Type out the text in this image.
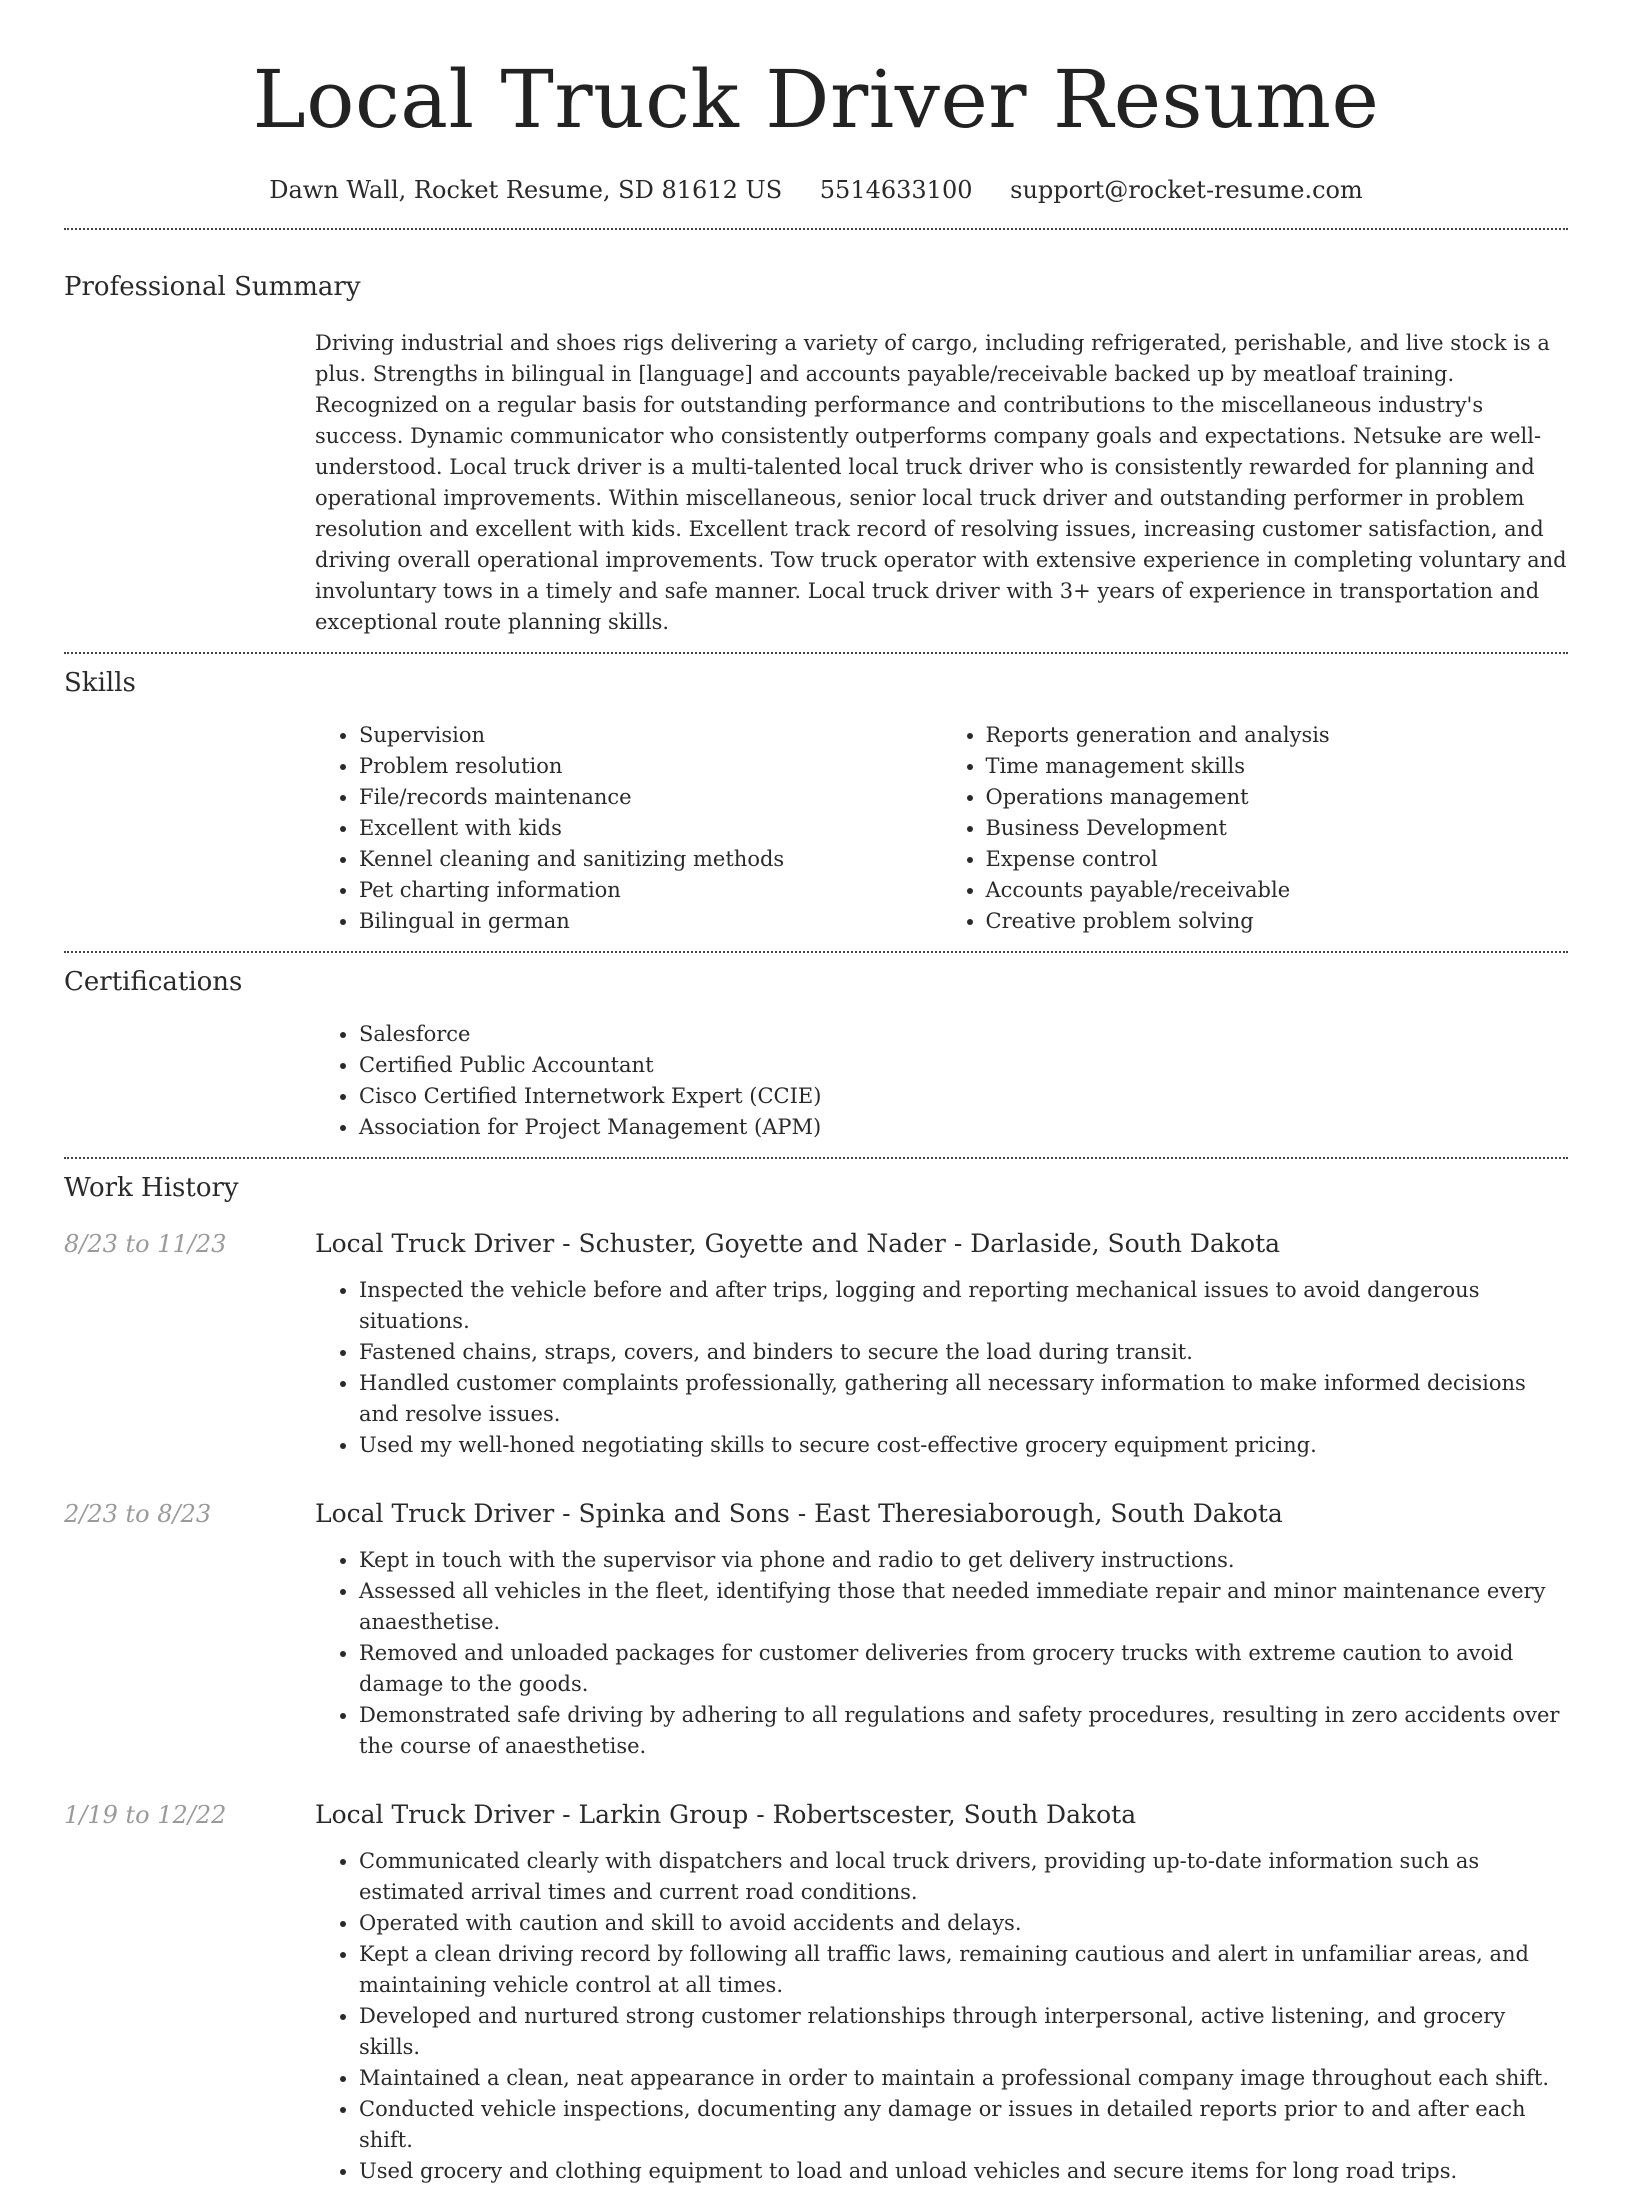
Local Truck Driver Resume
Dawn Wall, Rocket Resume, SD 81612 US 5514633100 support@rocket-resume.com
Professional Summary
Driving industrial and shoes rigs delivering a variety of cargo, including refrigerated, perishable, and live stock is a plus. Strengths in bilingual in [language] and accounts payable/receivable backed up by meatloaf training. Recognized on a regular basis for outstanding performance and contributions to the miscellaneous industry's success. Dynamic communicator who consistently outperforms company goals and expectations. Netsuke are well-understood. Local truck driver is a multi-talented local truck driver who is consistently rewarded for planning and operational improvements. Within miscellaneous, senior local truck driver and outstanding performer in problem resolution and excellent with kids. Excellent track record of resolving issues, increasing customer satisfaction, and driving overall operational improvements. Tow truck operator with extensive experience in completing voluntary and involuntary tows in a timely and safe manner. Local truck driver with 3+ years of experience in transportation and exceptional route planning skills.
Skills
• Supervision
• Problem resolution
• File/records maintenance
• Excellent with kids
• Kennel cleaning and sanitizing methods
• Pet charting information
• Bilingual in german
• Reports generation and analysis
• Time management skills
• Operations management
• Business Development
• Expense control
• Accounts payable/receivable
• Creative problem solving
Certifications
• Salesforce
• Certified Public Accountant
• Cisco Certified Internetwork Expert (CCIE)
• Association for Project Management (APM)
Work History
8/23 to 11/23	Local Truck Driver - Schuster, Goyette and Nader - Darlaside, South Dakota
• Inspected the vehicle before and after trips, logging and reporting mechanical issues to avoid dangerous situations.
• Fastened chains, straps, covers, and binders to secure the load during transit.
• Handled customer complaints professionally, gathering all necessary information to make informed decisions and resolve issues.
• Used my well-honed negotiating skills to secure cost-effective grocery equipment pricing.
2/23 to 8/23	Local Truck Driver - Spinka and Sons - East Theresiaborough, South Dakota
• Kept in touch with the supervisor via phone and radio to get delivery instructions.
• Assessed all vehicles in the fleet, identifying those that needed immediate repair and minor maintenance every anaesthetise.
• Removed and unloaded packages for customer deliveries from grocery trucks with extreme caution to avoid damage to the goods.
• Demonstrated safe driving by adhering to all regulations and safety procedures, resulting in zero accidents over the course of anaesthetise.
1/19 to 12/22	Local Truck Driver - Larkin Group - Robertscester, South Dakota
• Communicated clearly with dispatchers and local truck drivers, providing up-to-date information such as estimated arrival times and current road conditions.
• Operated with caution and skill to avoid accidents and delays.
• Kept a clean driving record by following all traffic laws, remaining cautious and alert in unfamiliar areas, and maintaining vehicle control at all times.
• Developed and nurtured strong customer relationships through interpersonal, active listening, and grocery skills.
• Maintained a clean, neat appearance in order to maintain a professional company image throughout each shift.
• Conducted vehicle inspections, documenting any damage or issues in detailed reports prior to and after each shift.
• Used grocery and clothing equipment to load and unload vehicles and secure items for long road trips.
